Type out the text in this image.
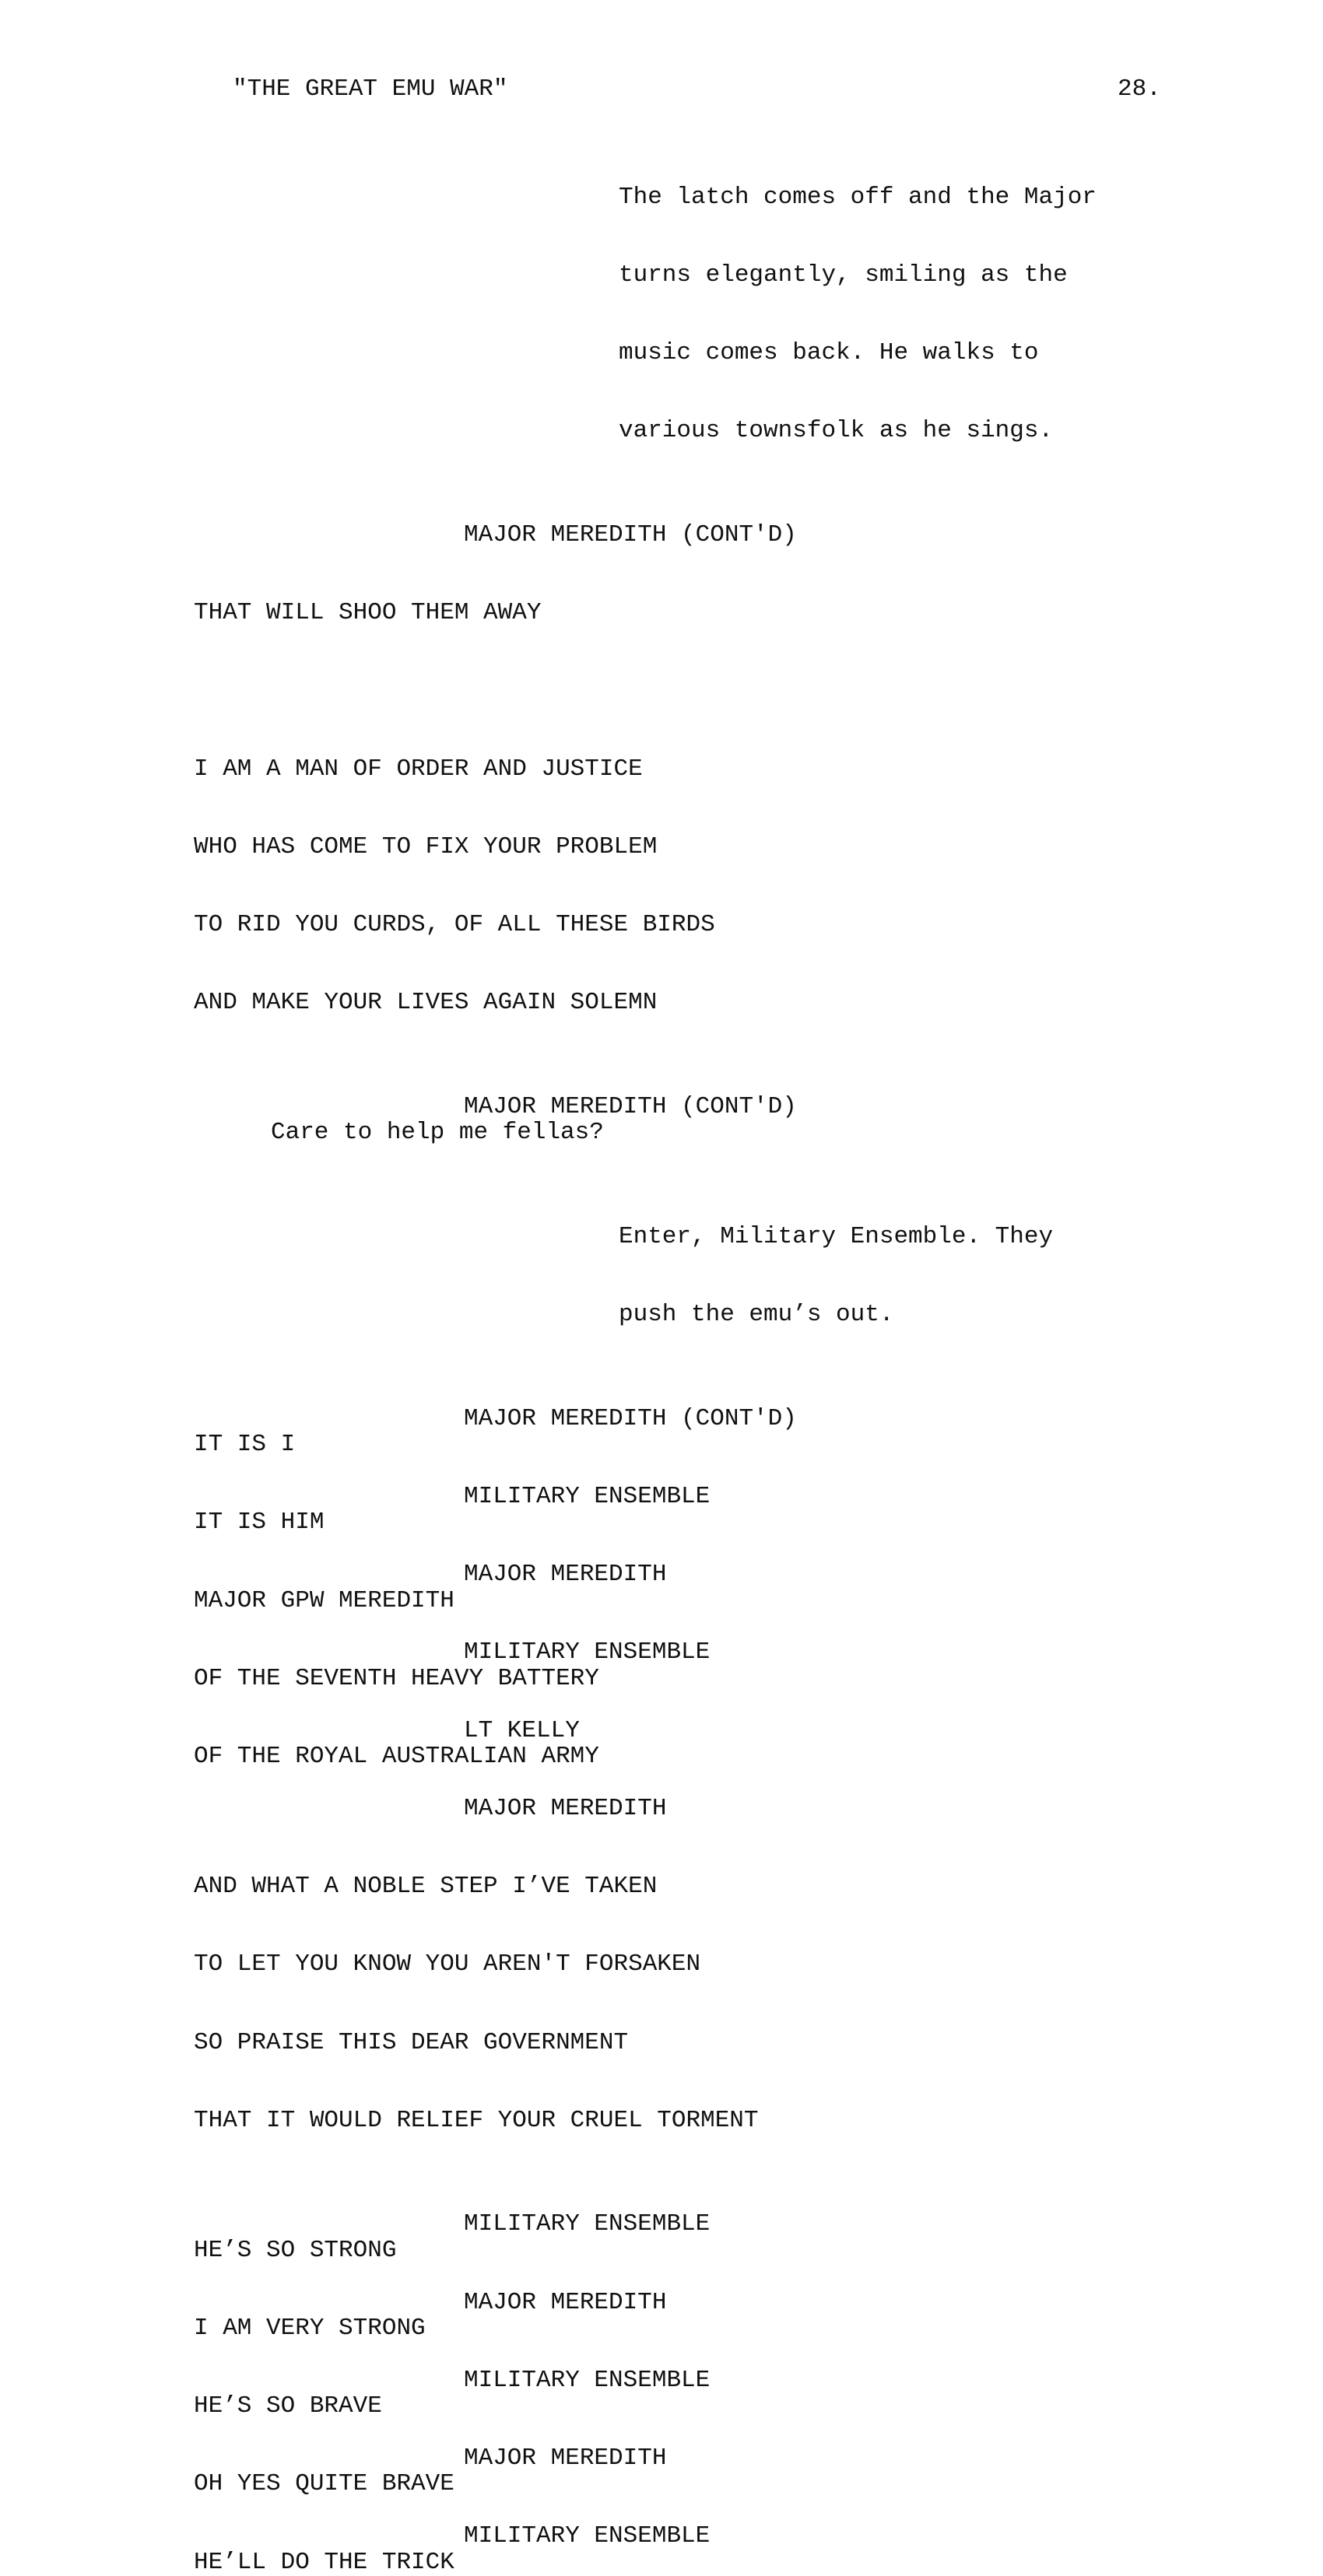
"THE GREAT EMU WAR"	28.

The latch comes off and the Major

turns elegantly, smiling as the

music comes back. He walks to

various townsfolk as he sings.

MAJOR MEREDITH (CONT'D)

THAT WILL SHOO THEM AWAY

I AM A MAN OF ORDER AND JUSTICE

WHO HAS COME TO FIX YOUR PROBLEM

TO RID YOU CURDS, OF ALL THESE BIRDS

AND MAKE YOUR LIVES AGAIN SOLEMN

MAJOR MEREDITH (CONT'D)
Care to help me fellas?

Enter, Military Ensemble. They

push the emu’s out.

MAJOR MEREDITH (CONT'D)
IT IS I
MILITARY ENSEMBLE
IT IS HIM
MAJOR MEREDITH
MAJOR GPW MEREDITH
MILITARY ENSEMBLE
OF THE SEVENTH HEAVY BATTERY
LT KELLY
OF THE ROYAL AUSTRALIAN ARMY
MAJOR MEREDITH

AND WHAT A NOBLE STEP I’VE TAKEN

TO LET YOU KNOW YOU AREN'T FORSAKEN

SO PRAISE THIS DEAR GOVERNMENT

THAT IT WOULD RELIEF YOUR CRUEL TORMENT

MILITARY ENSEMBLE
HE’S SO STRONG
MAJOR MEREDITH
I AM VERY STRONG
MILITARY ENSEMBLE
HE’S SO BRAVE
MAJOR MEREDITH
OH YES QUITE BRAVE
MILITARY ENSEMBLE
HE’LL DO THE TRICK
